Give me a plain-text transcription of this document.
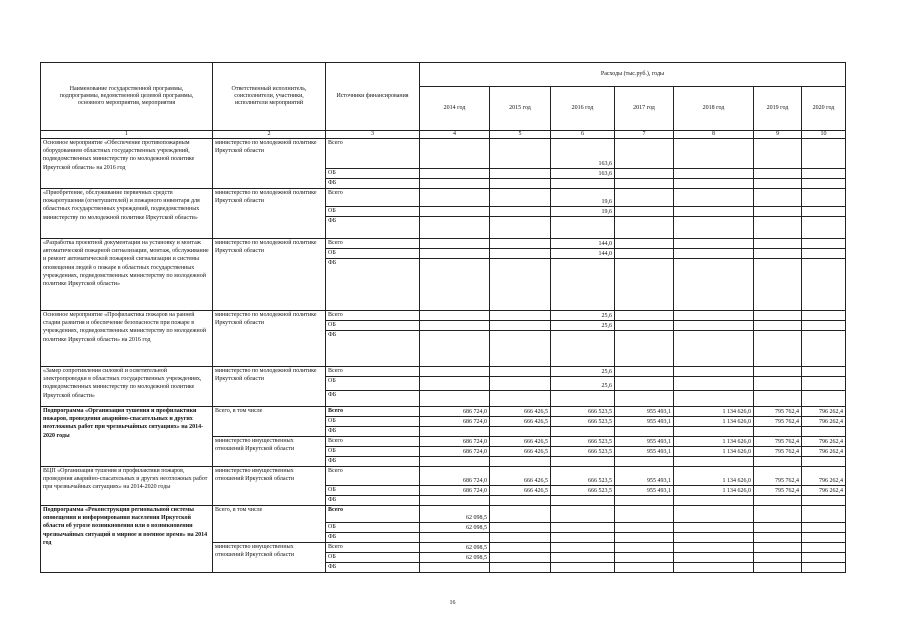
Наименование государственной программы, подпрограммы, ведомственной целевой программы, основного мероприятия, мероприятия	Ответственный исполнитель, соисполнители, участники, исполнители мероприятий	Источники финансирования	Расходы (тыс.руб.), годы						
			2014 год	2015 год	2016 год	2017 год	2018 год	2019 год	2020 год
1	2	3	4	5	6	7	8	9	10
Основное мероприятие «Обеспечение противопожарным оборудованием областных государственных учреждений, подведомственных министерству по молодежной политике Иркутской области» на 2016 год	министерство по молодежной политике Иркутской области	Всего			163,6				
		ОБ			163,6				
		ФБ							
«Приобретение, обслуживание первичных средств пожаротушения (огнетушителей) и пожарного инвентаря для областных государственных учреждений, подведомственных министерству по молодежной политике Иркутской области»	министерство по молодежной политике Иркутской области	Всего			19,6				
		ОБ			19,6				
		ФБ							
«Разработка проектной документации на установку и монтаж автоматической пожарной сигнализации, монтаж, обслуживание и ремонт автоматической пожарной сигнализации и системы оповещения людей о пожаре в областных государственных учреждениях, подведомственных министерству по молодежной политике Иркутской области»	министерство по молодежной политике Иркутской области	Всего			144,0				
		ОБ			144,0				
		ФБ							
Основное мероприятие «Профилактика пожаров на ранней стадии развития и обеспечение безопасности при пожаре в учреждениях, подведомственных министерству по молодежной политике Иркутской области» на 2016 год	министерство по молодежной политике Иркутской области	Всего			25,6				
		ОБ			25,6				
		ФБ							
«Замер сопротивления силовой и осветительной электропроводки в областных государственных учреждениях, подведомственных министерству по молодежной политике Иркутской области»	министерство по молодежной политике Иркутской области	Всего			25,6				
		ОБ			25,6				
		ФБ							
Подпрограмма «Организация тушения и профилактики пожаров, проведения аварийно-спасательных и других неотложных работ при чрезвычайных ситуациях» на 2014-2020 годы	Всего, в том числе	Всего	686 724,0	666 426,5	666 523,5	955 493,1	1 134 626,0	795 762,4	796 262,4
		ОБ	686 724,0	666 426,5	666 523,5	955 493,1	1 134 626,0	795 762,4	796 262,4
		ФБ							
	министерство имущественных отношений Иркутской области	Всего	686 724,0	666 426,5	666 523,5	955 493,1	1 134 626,0	795 762,4	796 262,4
		ОБ	686 724,0	666 426,5	666 523,5	955 493,1	1 134 626,0	795 762,4	796 262,4
		ФБ							
ВЦП «Организация тушения и профилактики пожаров, проведения аварийно-спасательных и других неотложных работ при чрезвычайных ситуациях» на 2014-2020 годы	министерство имущественных отношений Иркутской области	Всего	686 724,0	666 426,5	666 523,5	955 493,1	1 134 626,0	795 762,4	796 262,4
		ОБ	686 724,0	666 426,5	666 523,5	955 493,1	1 134 626,0	795 762,4	796 262,4
		ФБ							
Подпрограмма «Реконструкция региональной системы оповещения и информирования населения Иркутской области об угрозе возникновения или о возникновении чрезвычайных ситуаций в мирное и военное время» на 2014 год	Всего, в том числе	Всего	62 098,5						
		ОБ	62 098,5						
		ФБ							
	министерство имущественных отношений Иркутской области	Всего	62 098,5						
		ОБ	62 098,5						
		ФБ							
16
